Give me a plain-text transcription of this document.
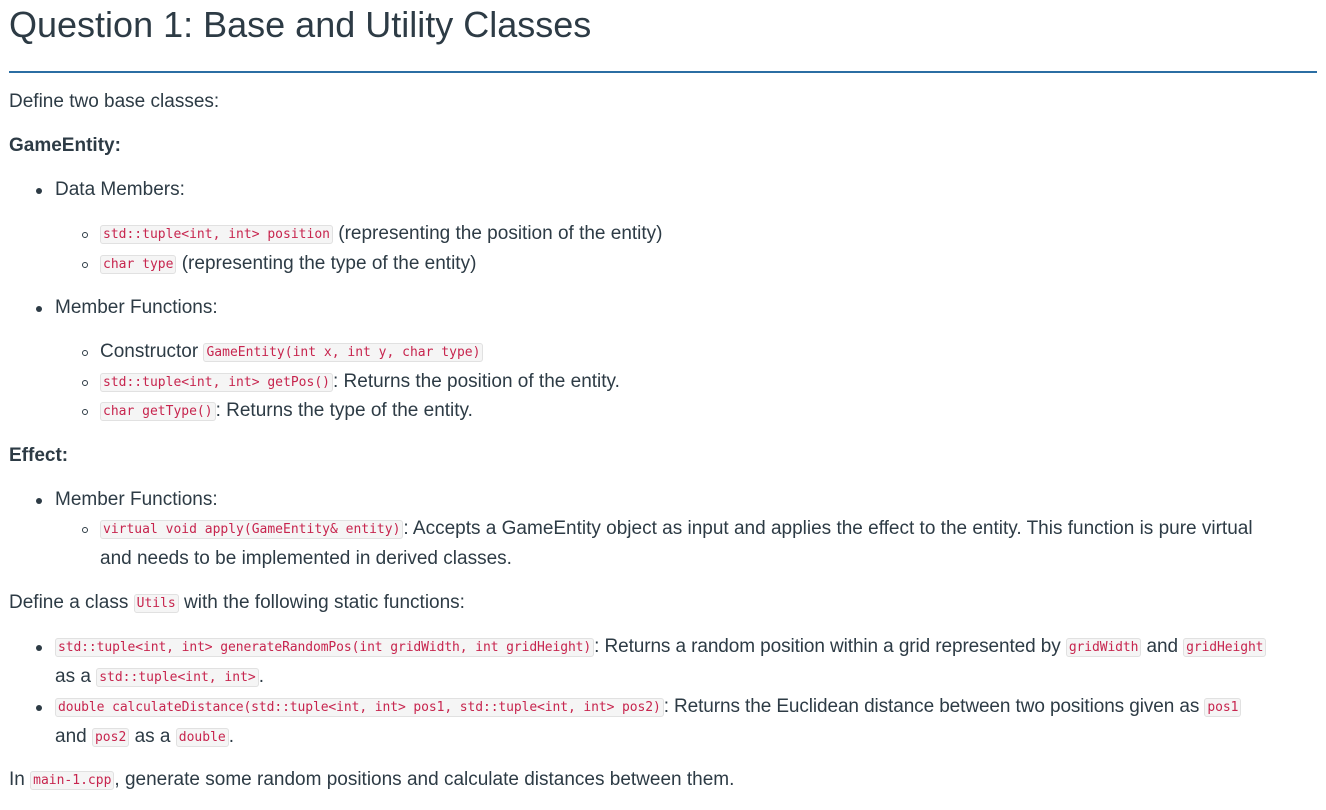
Question 1: Base and Utility Classes
Define two base classes:
GameEntity:
Data Members:
std::tuple<int, int> position (representing the position of the entity)
char type (representing the type of the entity)
Member Functions:
Constructor GameEntity(int x, int y, char type)
std::tuple<int, int> getPos() : Returns the position of the entity.
char getType() : Returns the type of the entity.
Effect:
Member Functions:
virtual void apply(GameEntity& entity) : Accepts a GameEntity object as input and applies the effect to the entity. This function is pure virtual
and needs to be implemented in derived classes.
Define a class Utils with the following static functions:
std::tuple<int, int> generateRandomPos(int gridWidth, int gridHeight) : Returns a random position within a grid represented by gridWidth and gridHeight
as a std::tuple<int, int> .
double calculateDistance(std::tuple<int, int> pos1, std::tuple<int, int> pos2) : Returns the Euclidean distance between two positions given as pos1
and pos2 as a double .
In main-1.cpp , generate some random positions and calculate distances between them.
